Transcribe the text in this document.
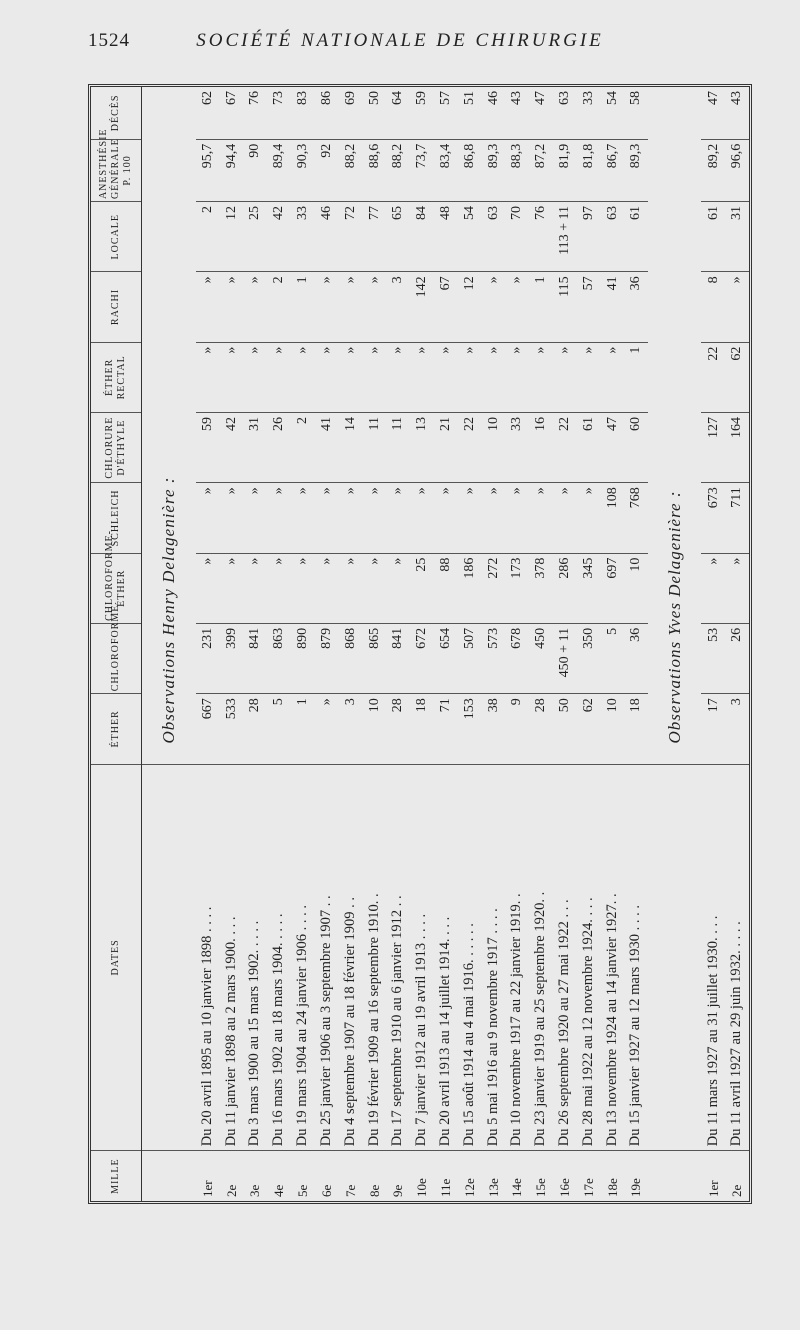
1524	SOCIÉTÉ NATIONALE DE CHIRURGIE
MILLE	DATES	ÉTHER	CHLOROFORME	CHLOROFORME-ÉTHER	SCHLEICH	CHLORURE D'ÉTHYLE	ÉTHER RECTAL	RACHI	LOCALE	ANESTHÉSIE GÉNÉRALE P. 100	DÉCÈS
		Observations Henry Delagenière :									
1er	Du 20 avril 1895 au 10 janvier 1898 . . . .	667	231	»	»	59	»	»	2	95,7	62
2e	Du 11 janvier 1898 au 2 mars 1900. . . .	533	399	»	»	42	»	»	12	94,4	67
3e	Du 3 mars 1900 au 15 mars 1902. . . . .	28	841	»	»	31	»	»	25	90	76
4e	Du 16 mars 1902 au 18 mars 1904. . . . .	5	863	»	»	26	»	2	42	89,4	73
5e	Du 19 mars 1904 au 24 janvier 1906 . . . .	1	890	»	»	2	»	1	33	90,3	83
6e	Du 25 janvier 1906 au 3 septembre 1907 . .	»	879	»	»	41	»	»	46	92	86
7e	Du 4 septembre 1907 au 18 février 1909 . .	3	868	»	»	14	»	»	72	88,2	69
8e	Du 19 février 1909 au 16 septembre 1910. .	10	865	»	»	11	»	»	77	88,6	50
9e	Du 17 septembre 1910 au 6 janvier 1912 . .	28	841	»	»	11	»	3	65	88,2	64
10e	Du 7 janvier 1912 au 19 avril 1913 . . . .	18	672	25	»	13	»	142	84	73,7	59
11e	Du 20 avril 1913 au 14 juillet 1914. . . .	71	654	88	»	21	»	67	48	83,4	57
12e	Du 15 août 1914 au 4 mai 1916. . . . . .	153	507	186	»	22	»	12	54	86,8	51
13e	Du 5 mai 1916 au 9 novembre 1917 . . . .	38	573	272	»	10	»	»	63	89,3	46
14e	Du 10 novembre 1917 au 22 janvier 1919. .	9	678	173	»	33	»	»	70	88,3	43
15e	Du 23 janvier 1919 au 25 septembre 1920. .	28	450	378	»	16	»	1	76	87,2	47
16e	Du 26 septembre 1920 au 27 mai 1922 . . .	50	450 + 11	286	»	22	»	115	113 + 11	81,9	63
17e	Du 28 mai 1922 au 12 novembre 1924. . . .	62	350	345	»	61	»	57	97	81,8	33
18e	Du 13 novembre 1924 au 14 janvier 1927. .	10	5	697	108	47	»	41	63	86,7	54
19e	Du 15 janvier 1927 au 12 mars 1930 . . . .	18	36	10	768	60	1	36	61	89,3	58
		Observations Yves Delagenière :									
1er	Du 11 mars 1927 au 31 juillet 1930. . . .	17	53	»	673	127	22	8	61	89,2	47
2e	Du 11 avril 1927 au 29 juin 1932. . . . .	3	26	»	711	164	62	»	31	96,6	43
